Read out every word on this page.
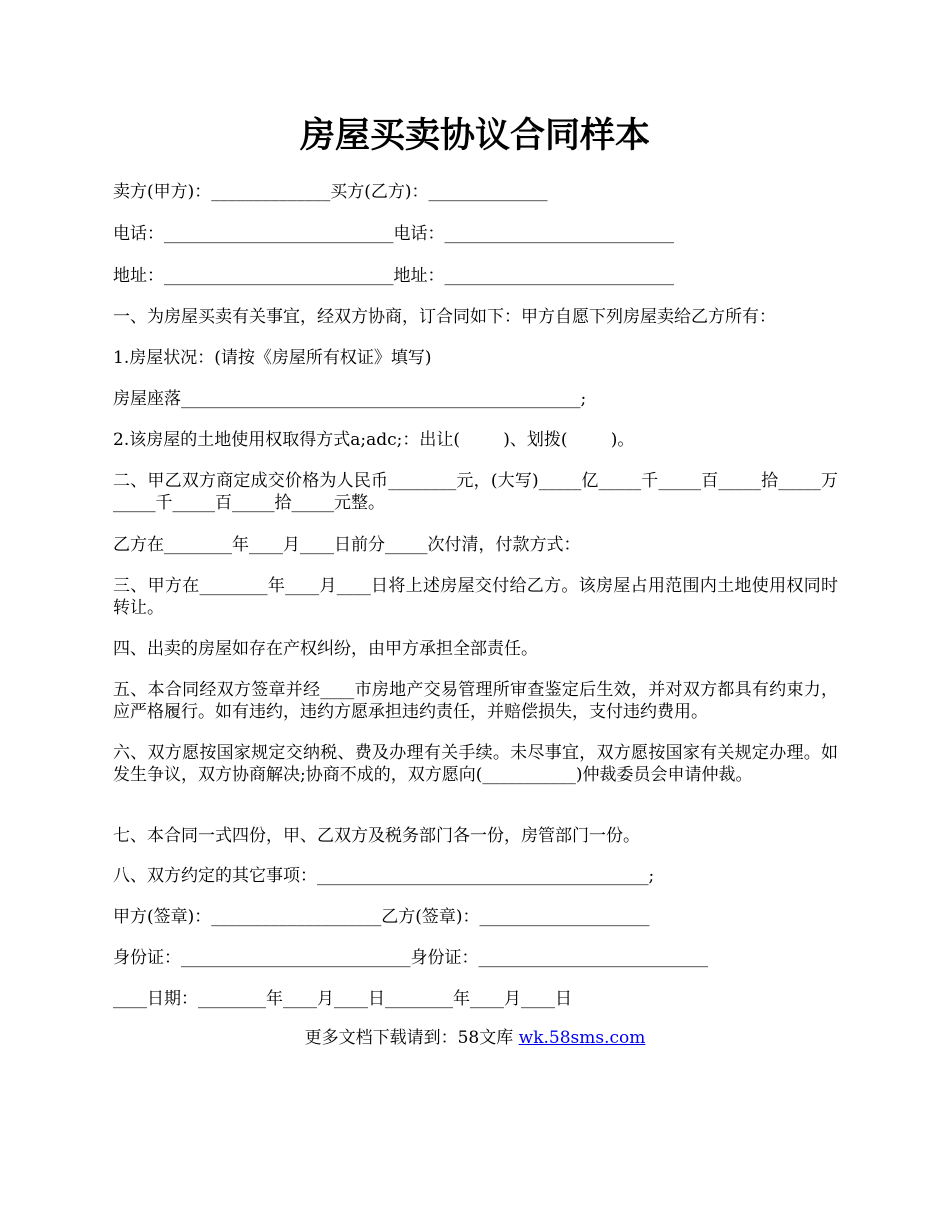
房屋买卖协议合同样本

卖方(甲方)：______________买方(乙方)：______________

电话：___________________________电话：___________________________

地址：___________________________地址：___________________________

一、为房屋买卖有关事宜，经双方协商，订合同如下：甲方自愿下列房屋卖给乙方所有：

1.房屋状况：(请按《房屋所有权证》填写)

房屋座落_______________________________________________;

2.该房屋的土地使用权取得方式a;adc;：出让(        )、划拨(        )。

二、甲乙双方商定成交价格为人民币________元，(大写)_____亿_____千_____百_____拾_____万_____千_____百_____拾_____元整。

乙方在________年____月____日前分_____次付清，付款方式：

三、甲方在________年____月____日将上述房屋交付给乙方。该房屋占用范围内土地使用权同时转让。

四、出卖的房屋如存在产权纠纷，由甲方承担全部责任。

五、本合同经双方签章并经____市房地产交易管理所审查鉴定后生效，并对双方都具有约束力，应严格履行。如有违约，违约方愿承担违约责任，并赔偿损失，支付违约费用。

六、双方愿按国家规定交纳税、费及办理有关手续。未尽事宜，双方愿按国家有关规定办理。如发生争议，双方协商解决;协商不成的，双方愿向(___________)仲裁委员会申请仲裁。

七、本合同一式四份，甲、乙双方及税务部门各一份，房管部门一份。

八、双方约定的其它事项：_______________________________________;

甲方(签章)：____________________乙方(签章)：____________________

身份证：___________________________身份证：___________________________

____日期：________年____月____日________年____月____日

更多文档下载请到：58文库 wk.58sms.com
